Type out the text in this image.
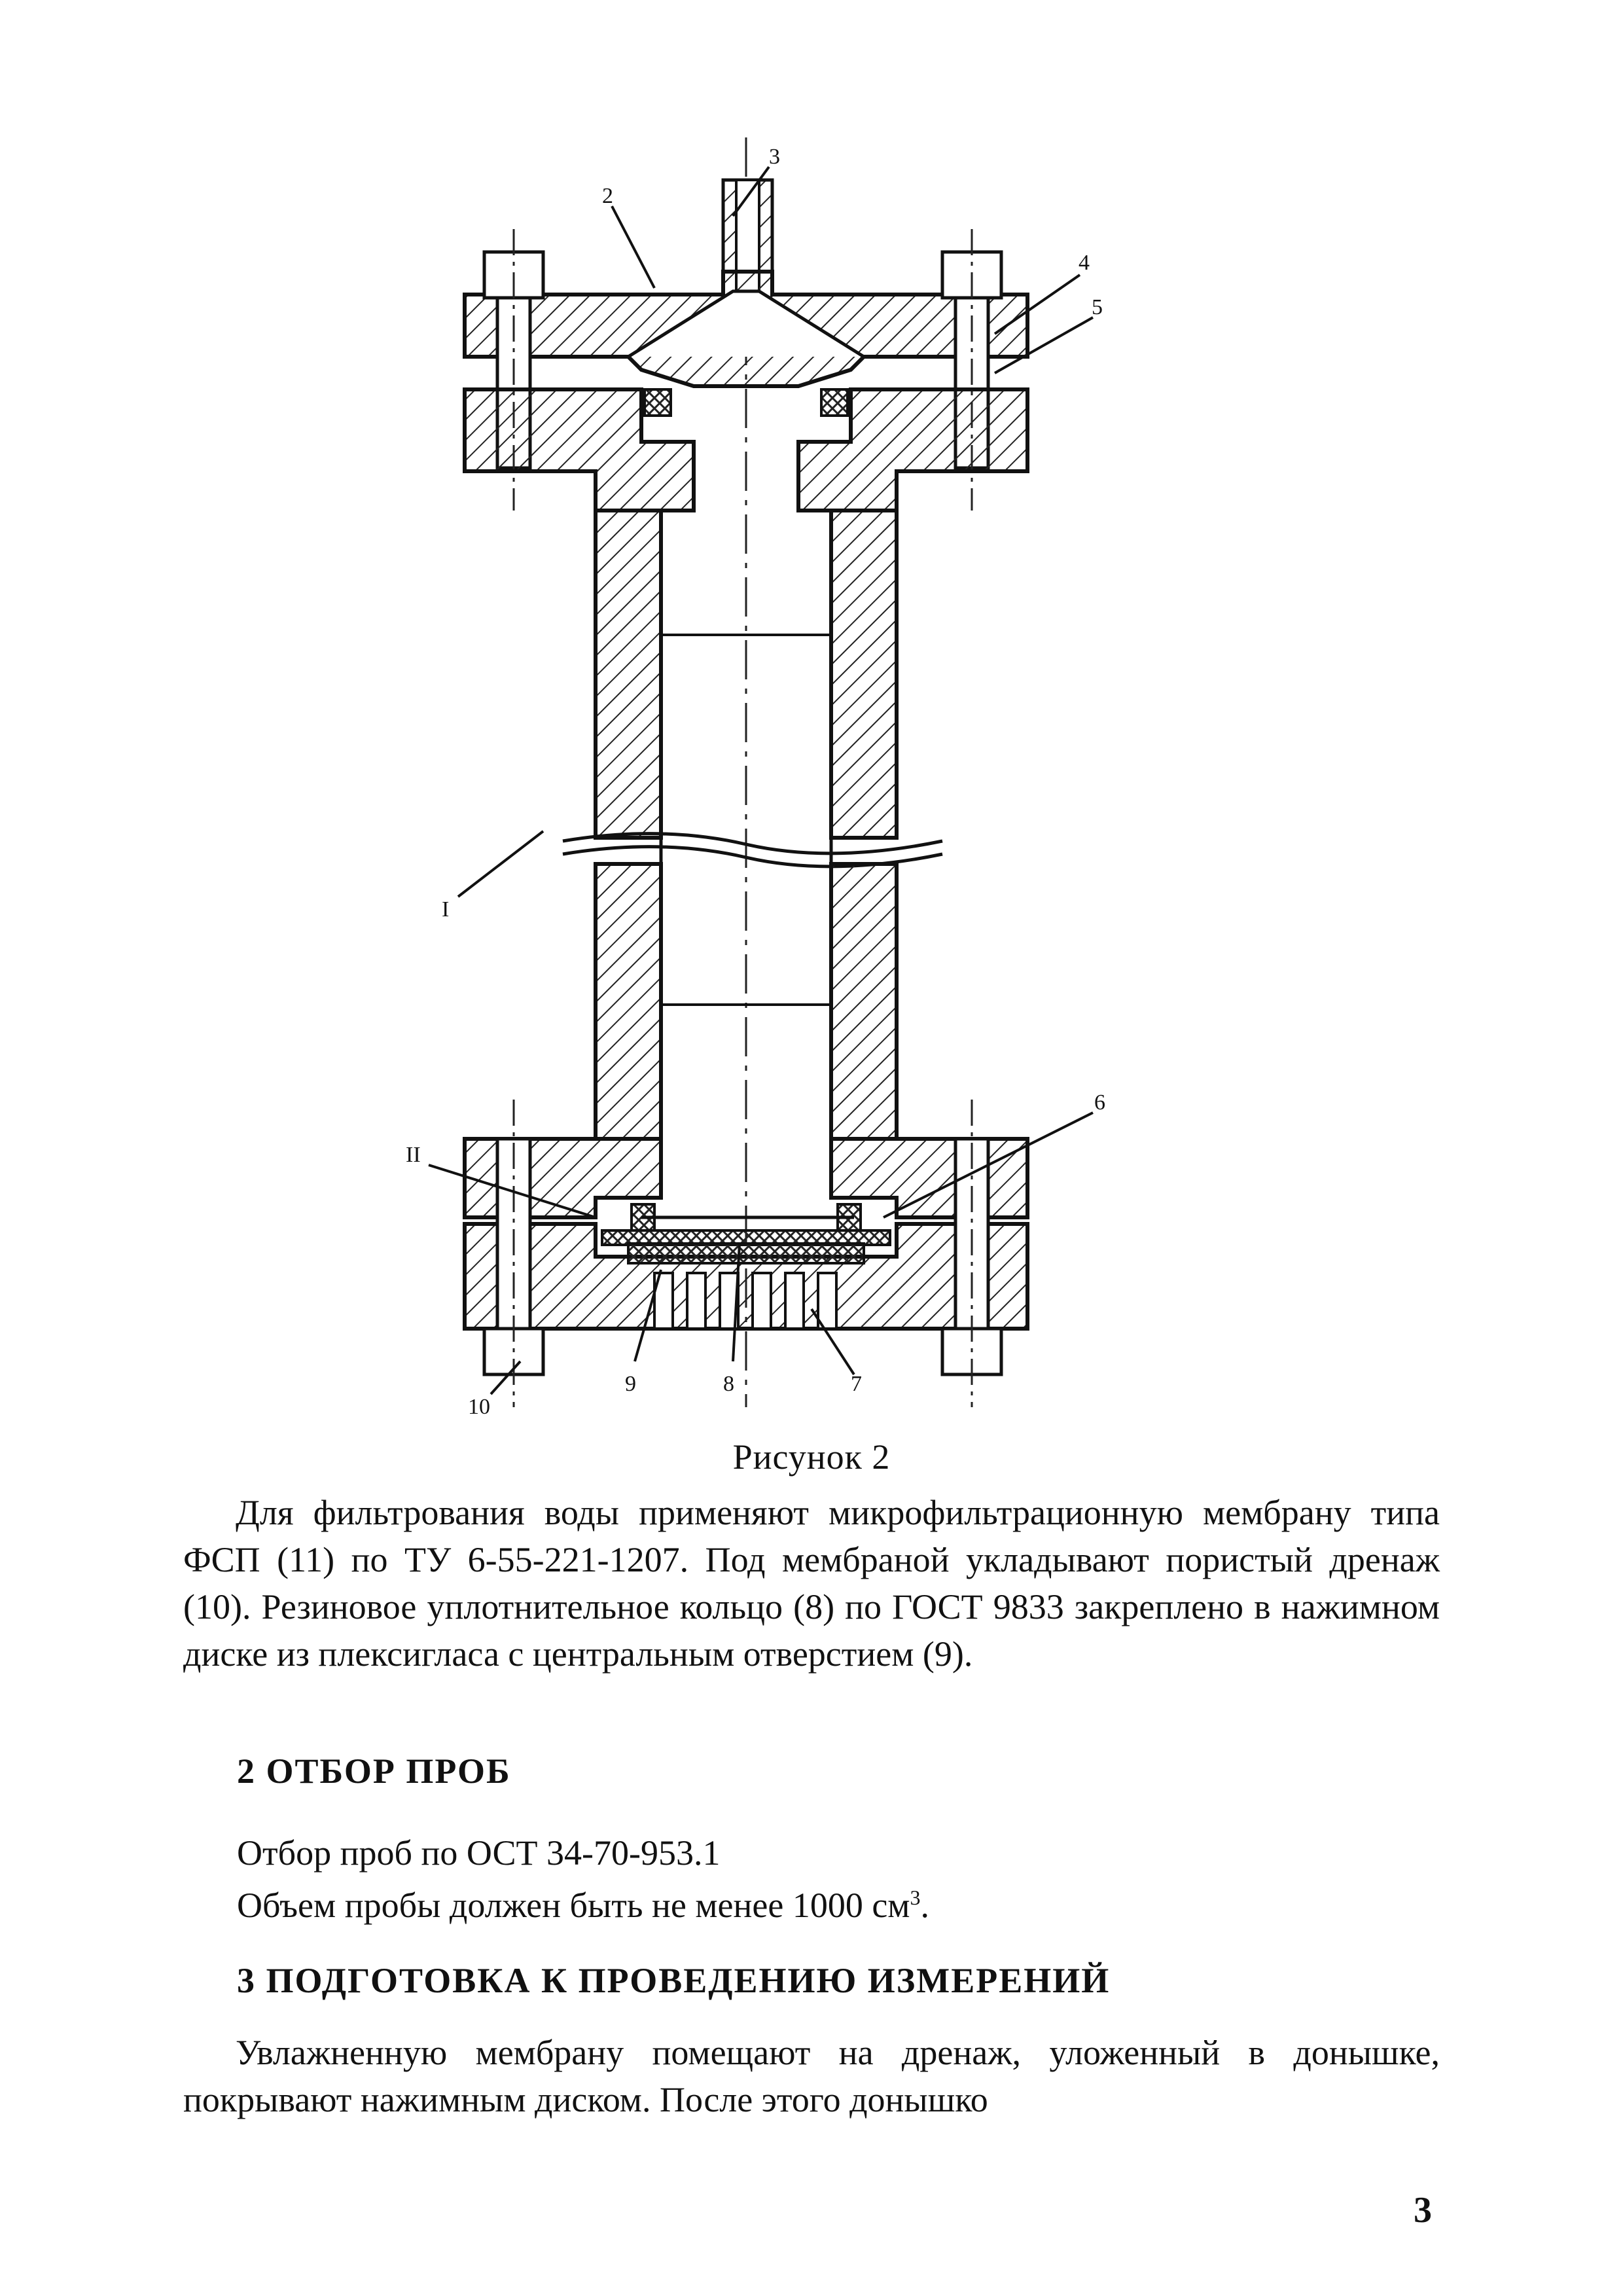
I
2
3
4
5
6
7
8
9
10
II
Рисунок 2

Для фильтрования воды применяют микрофильтрационную мембрану типа ФСП (11) по ТУ 6-55-221-1207. Под мембраной укладывают пористый дренаж (10). Резиновое уплотнительное кольцо (8) по ГОСТ 9833 закреплено в нажимном диске из плексигласа с центральным отверстием (9).

2 ОТБОР ПРОБ

Отбор проб по ОСТ 34-70-953.1

Объем пробы должен быть не менее 1000 $см^3$.

3 ПОДГОТОВКА К ПРОВЕДЕНИЮ ИЗМЕРЕНИЙ

Увлажненную мембрану помещают на дренаж, уложенный в донышке, покрывают нажимным диском. После этого донышко

3
